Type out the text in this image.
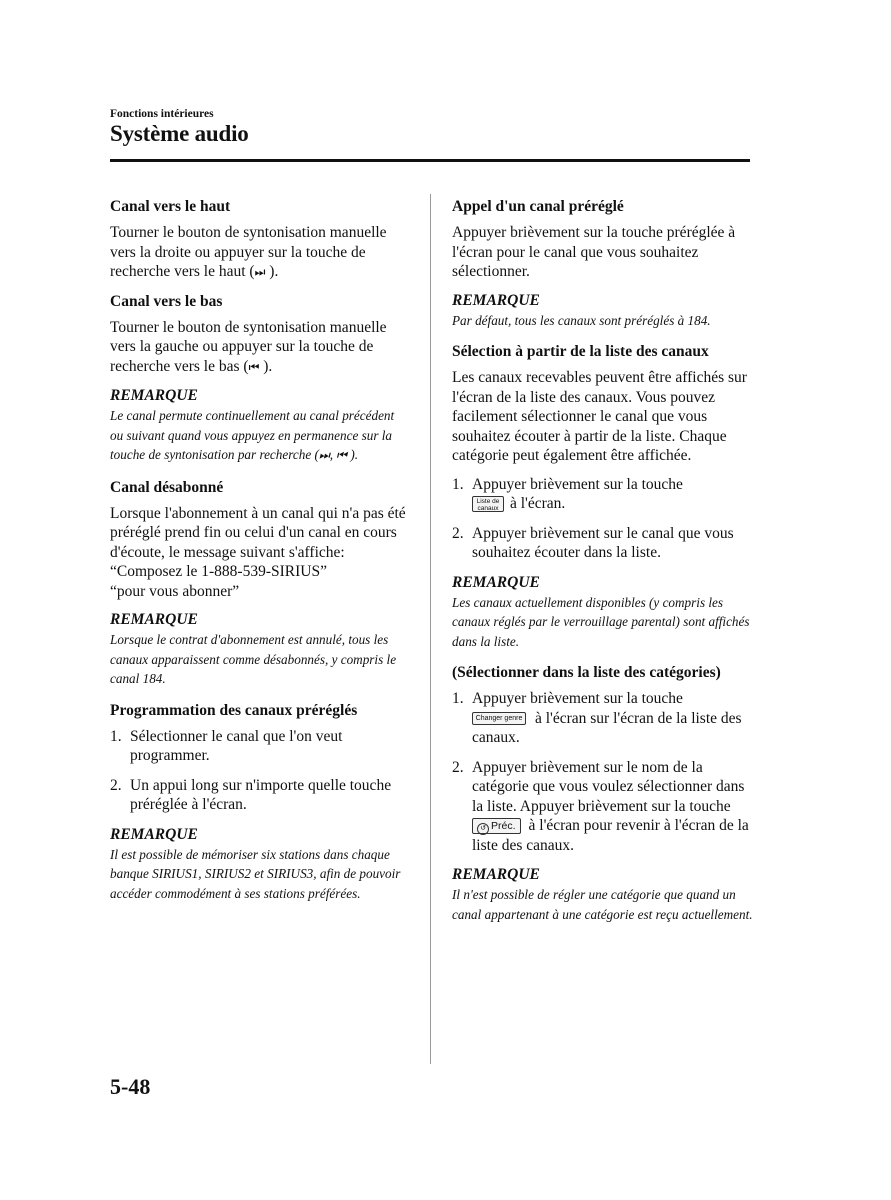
Fonctions intérieures
Système audio
Canal vers le haut
Tourner le bouton de syntonisation manuelle vers la droite ou appuyer sur la touche de recherche vers le haut (⏭ ).
Canal vers le bas
Tourner le bouton de syntonisation manuelle vers la gauche ou appuyer sur la touche de recherche vers le bas (⏮ ).
REMARQUE
Le canal permute continuellement au canal précédent ou suivant quand vous appuyez en permanence sur la touche de syntonisation par recherche (⏭, ⏮ ).
Canal désabonné
Lorsque l'abonnement à un canal qui n'a pas été préréglé prend fin ou celui d'un canal en cours d'écoute, le message suivant s'affiche:
“Composez le 1-888-539-SIRIUS”
“pour vous abonner”
REMARQUE
Lorsque le contrat d'abonnement est annulé, tous les canaux apparaissent comme désabonnés, y compris le canal 184.
Programmation des canaux préréglés
1. Sélectionner le canal que l'on veut programmer.
2. Un appui long sur n'importe quelle touche préréglée à l'écran.
REMARQUE
Il est possible de mémoriser six stations dans chaque banque SIRIUS1, SIRIUS2 et SIRIUS3, afin de pouvoir accéder commodément à ses stations préférées.
Appel d'un canal préréglé
Appuyer brièvement sur la touche préréglée à l'écran pour le canal que vous souhaitez sélectionner.
REMARQUE
Par défaut, tous les canaux sont préréglés à 184.
Sélection à partir de la liste des canaux
Les canaux recevables peuvent être affichés sur l'écran de la liste des canaux. Vous pouvez facilement sélectionner le canal que vous souhaitez écouter à partir de la liste. Chaque catégorie peut également être affichée.
1. Appuyer brièvement sur la touche
Liste de canaux à l'écran.
2. Appuyer brièvement sur le canal que vous souhaitez écouter dans la liste.
REMARQUE
Les canaux actuellement disponibles (y compris les canaux réglés par le verrouillage parental) sont affichés dans la liste.
(Sélectionner dans la liste des catégories)
1. Appuyer brièvement sur la touche
Changer genre à l'écran sur l'écran de la liste des canaux.
2. Appuyer brièvement sur le nom de la catégorie que vous voulez sélectionner dans la liste. Appuyer brièvement sur la touche ↺ Préc. à l'écran pour revenir à l'écran de la liste des canaux.
REMARQUE
Il n'est possible de régler une catégorie que quand un canal appartenant à une catégorie est reçu actuellement.
5-48
